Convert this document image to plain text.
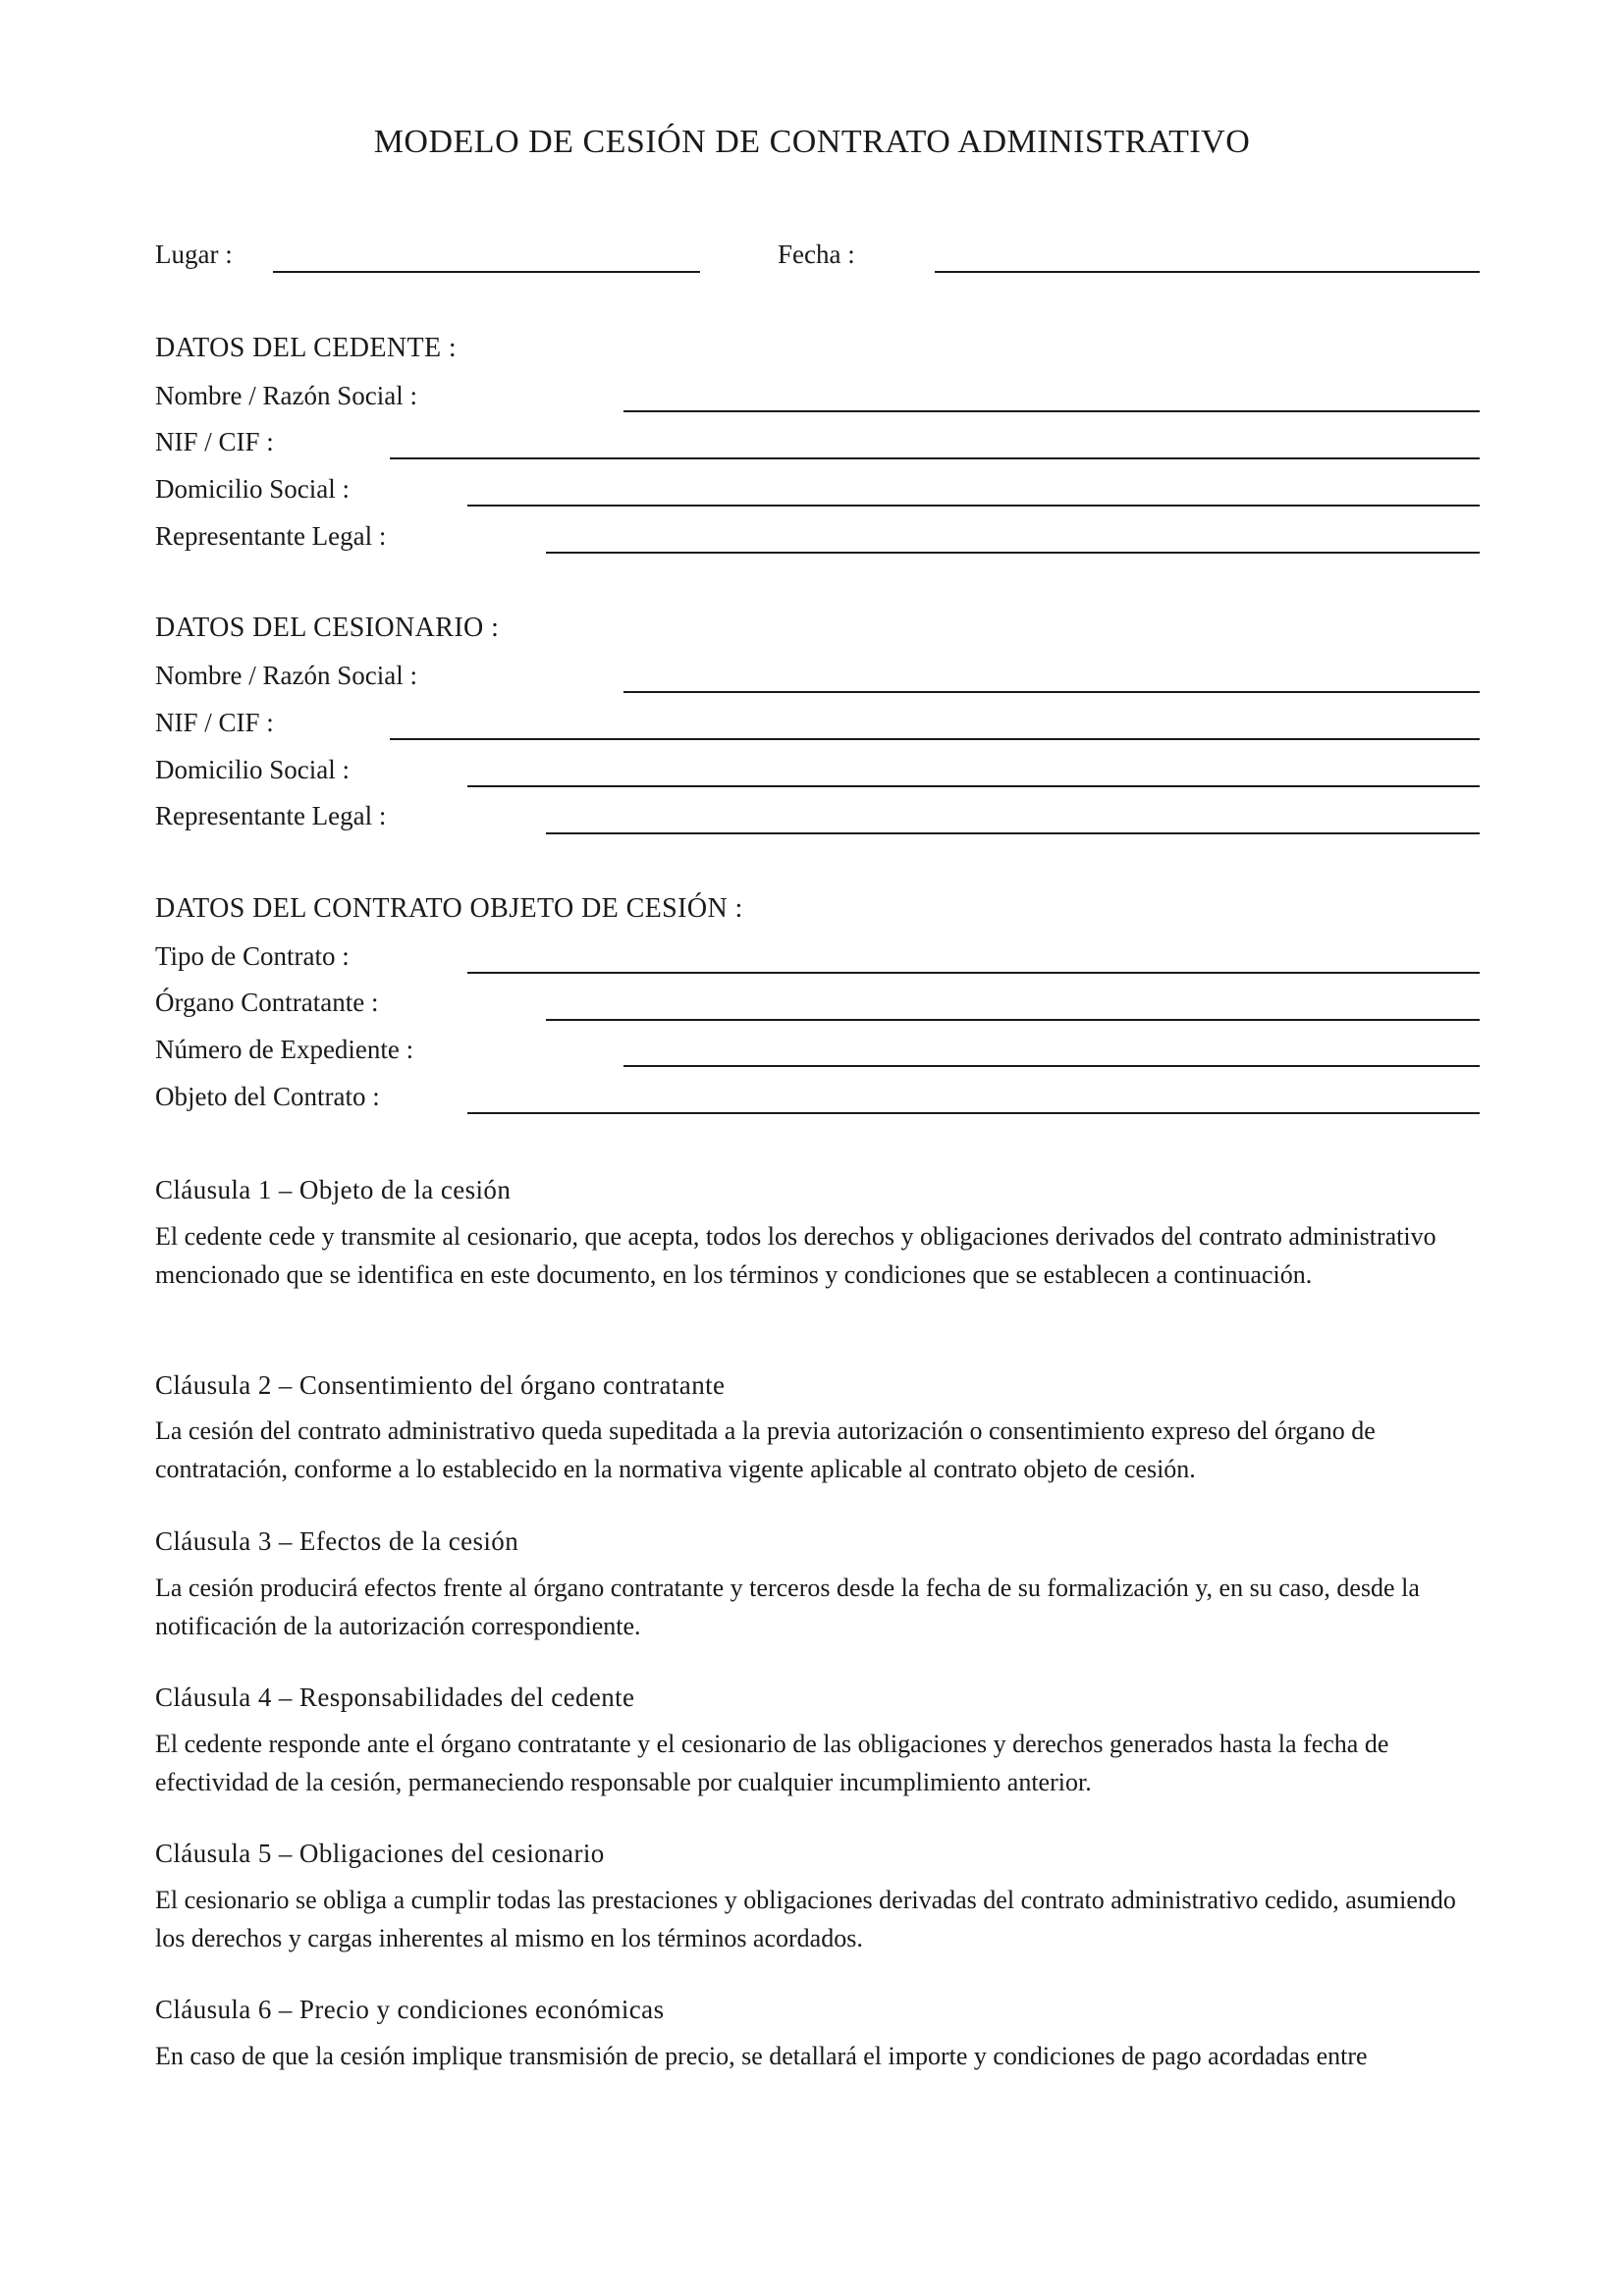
MODELO DE CESIÓN DE CONTRATO ADMINISTRATIVO
Lugar :	Fecha :
DATOS DEL CEDENTE :
Nombre / Razón Social :
NIF / CIF :
Domicilio Social :
Representante Legal :
DATOS DEL CESIONARIO :
Nombre / Razón Social :
NIF / CIF :
Domicilio Social :
Representante Legal :
DATOS DEL CONTRATO OBJETO DE CESIÓN :
Tipo de Contrato :
Órgano Contratante :
Número de Expediente :
Objeto del Contrato :
Cláusula 1 – Objeto de la cesión
El cedente cede y transmite al cesionario, que acepta, todos los derechos y obligaciones derivados del contrato administrativo mencionado que se identifica en este documento, en los términos y condiciones que se establecen a continuación.
Cláusula 2 – Consentimiento del órgano contratante
La cesión del contrato administrativo queda supeditada a la previa autorización o consentimiento expreso del órgano de contratación, conforme a lo establecido en la normativa vigente aplicable al contrato objeto de cesión.
Cláusula 3 – Efectos de la cesión
La cesión producirá efectos frente al órgano contratante y terceros desde la fecha de su formalización y, en su caso, desde la notificación de la autorización correspondiente.
Cláusula 4 – Responsabilidades del cedente
El cedente responde ante el órgano contratante y el cesionario de las obligaciones y derechos generados hasta la fecha de efectividad de la cesión, permaneciendo responsable por cualquier incumplimiento anterior.
Cláusula 5 – Obligaciones del cesionario
El cesionario se obliga a cumplir todas las prestaciones y obligaciones derivadas del contrato administrativo cedido, asumiendo los derechos y cargas inherentes al mismo en los términos acordados.
Cláusula 6 – Precio y condiciones económicas
En caso de que la cesión implique transmisión de precio, se detallará el importe y condiciones de pago acordadas entre
